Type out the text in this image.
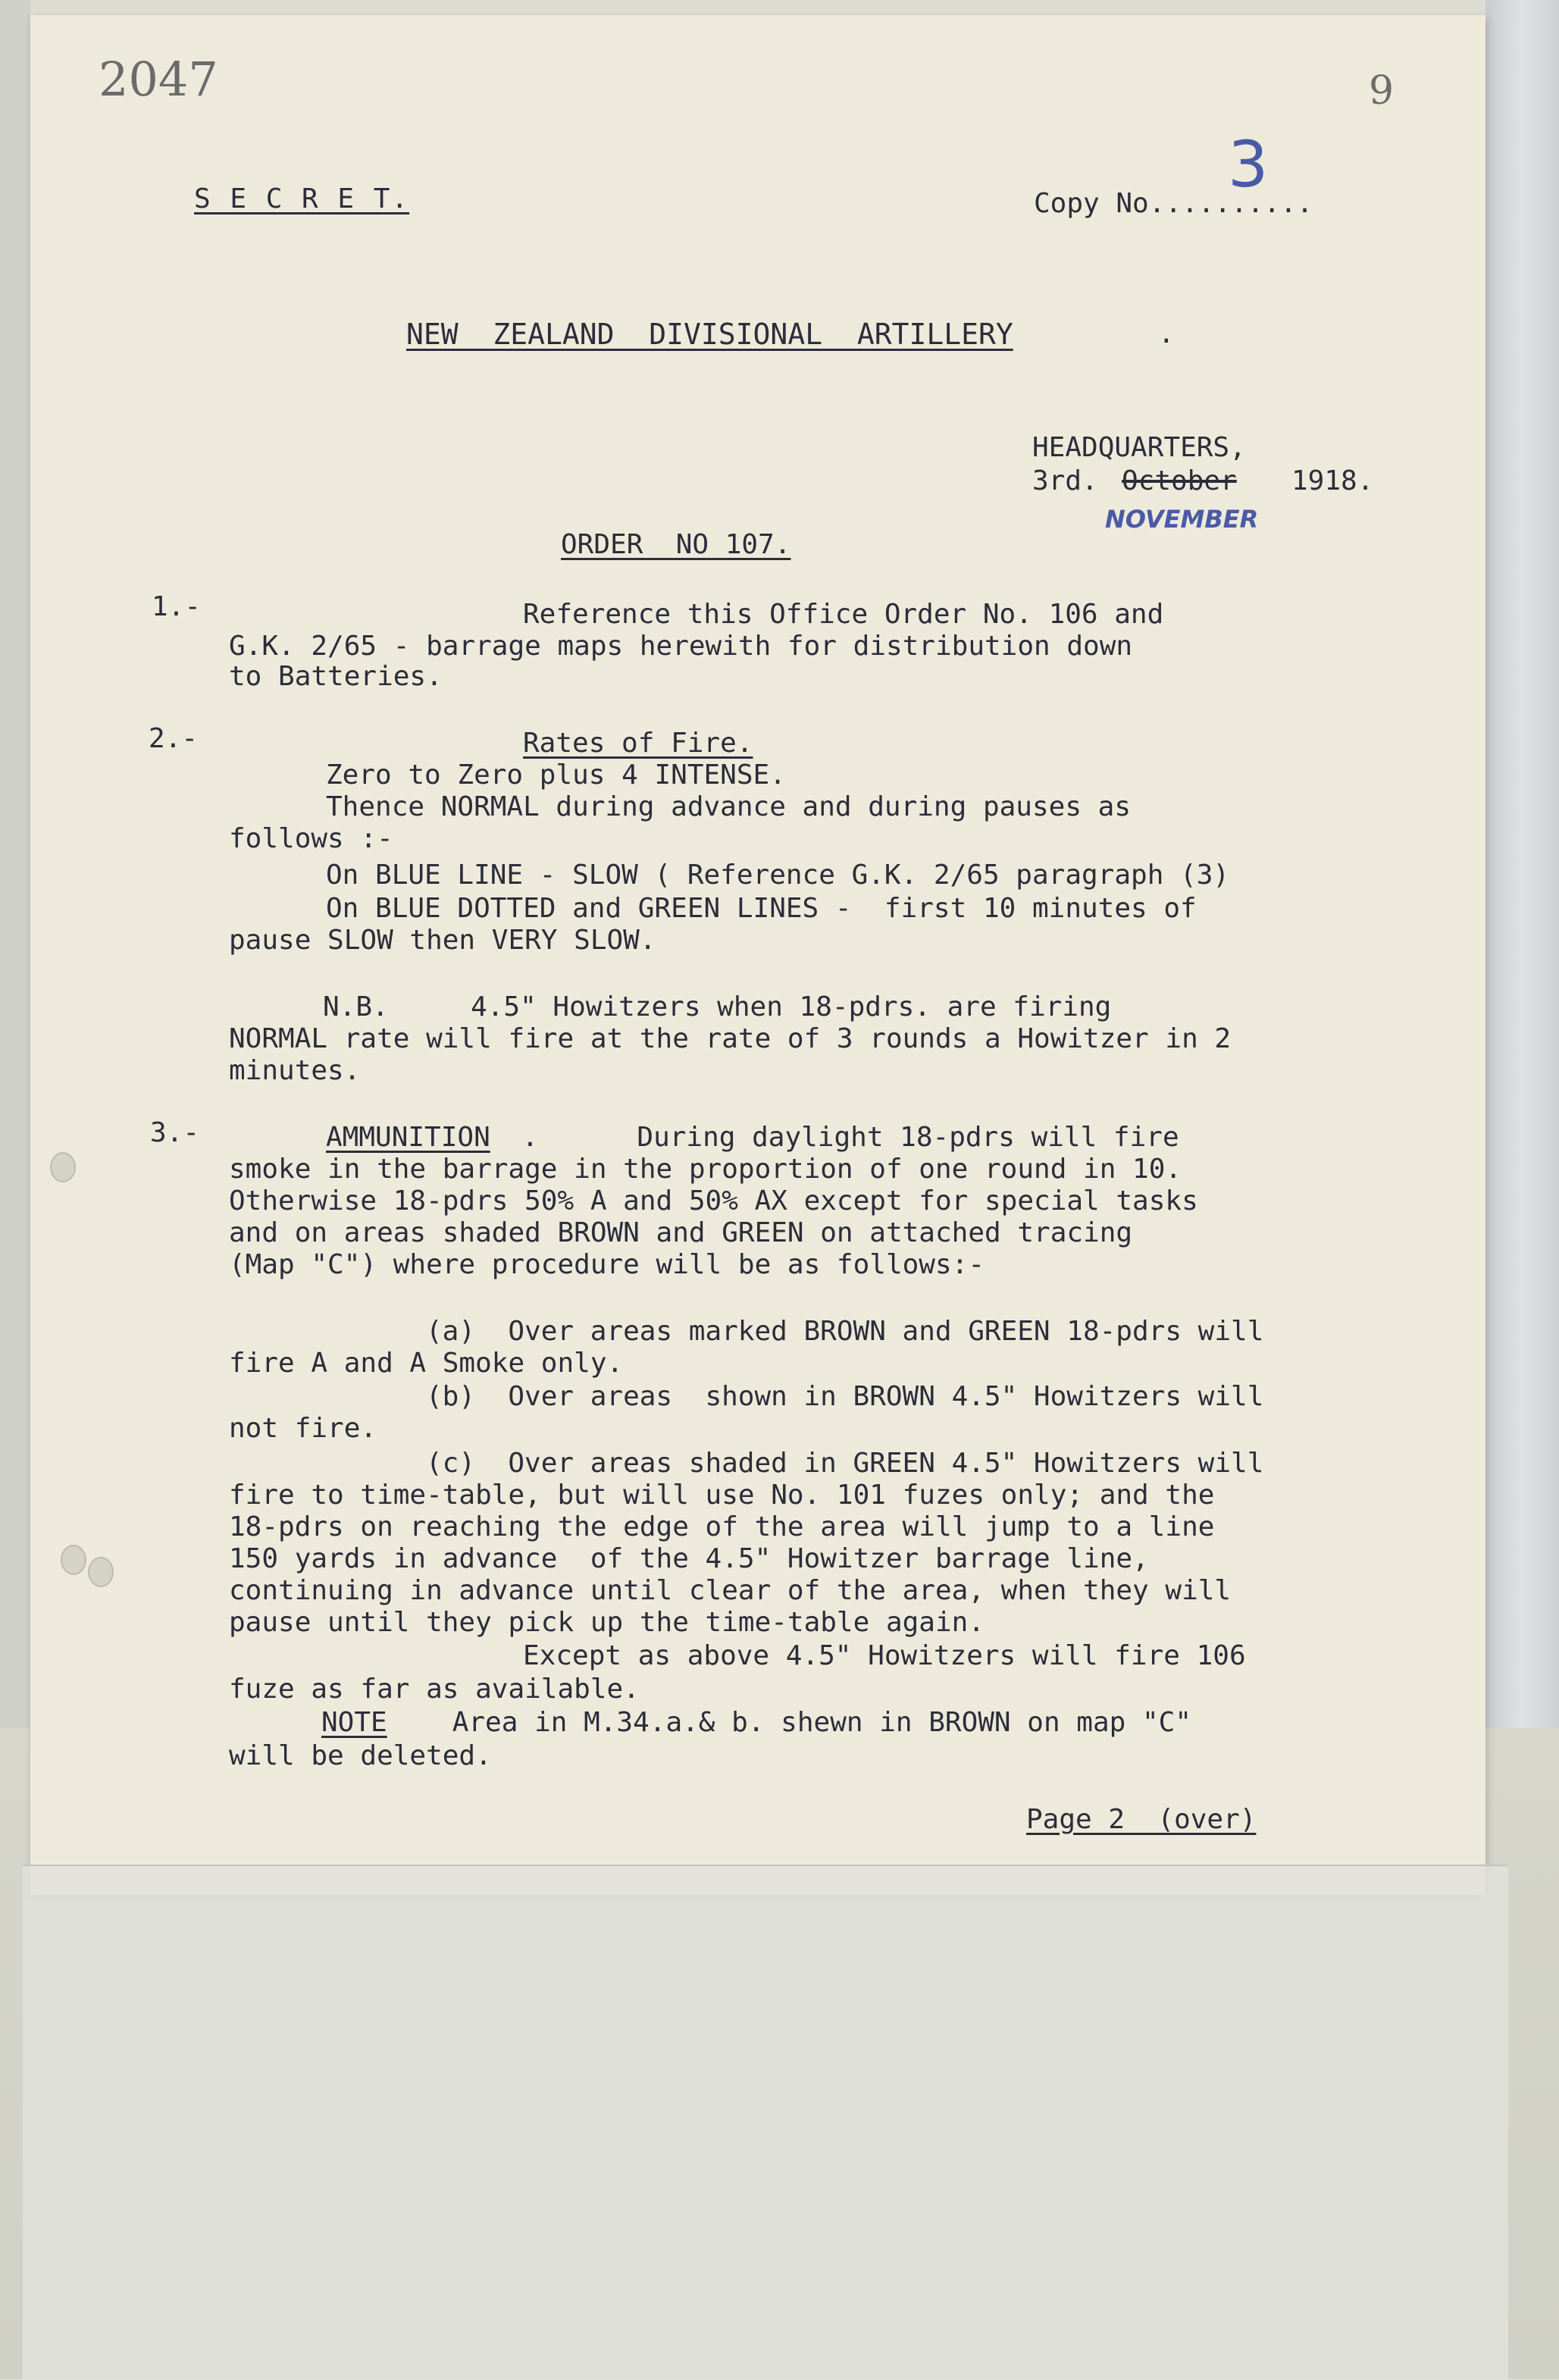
2047	9

S E C R E T.	Copy No..........

3

NEW  ZEALAND  DIVISIONAL  ARTILLERY	.

HEADQUARTERS,

3rd. October 1918.

NOVEMBER

ORDER  NO 107.

1.-	Reference this Office Order No. 106 and

G.K. 2/65 - barrage maps herewith for distribution down

to Batteries.

2.-	Rates of Fire.

Zero to Zero plus 4 INTENSE.

Thence NORMAL during advance and during pauses as

follows :-

On BLUE LINE - SLOW ( Reference G.K. 2/65 paragraph (3)

On BLUE DOTTED and GREEN LINES -  first 10 minutes of

pause SLOW then VERY SLOW.

N.B.     4.5" Howitzers when 18-pdrs. are firing

NORMAL rate will fire at the rate of 3 rounds a Howitzer in 2

minutes.

3.-	AMMUNITION .      During daylight 18-pdrs will fire

smoke in the barrage in the proportion of one round in 10.

Otherwise 18-pdrs 50% A and 50% AX except for special tasks

and on areas shaded BROWN and GREEN on attached tracing

(Map "C") where procedure will be as follows:-

(a)  Over areas marked BROWN and GREEN 18-pdrs will

fire A and A Smoke only.

(b)  Over areas  shown in BROWN 4.5" Howitzers will

not fire.

(c)  Over areas shaded in GREEN 4.5" Howitzers will

fire to time-table, but will use No. 101 fuzes only; and the

18-pdrs on reaching the edge of the area will jump to a line

150 yards in advance  of the 4.5" Howitzer barrage line,

continuing in advance until clear of the area, when they will

pause until they pick up the time-table again.

Except as above 4.5" Howitzers will fire 106

fuze as far as available.

NOTE Area in M.34.a.& b. shewn in BROWN on map "C"

will be deleted.

Page 2  (over)
